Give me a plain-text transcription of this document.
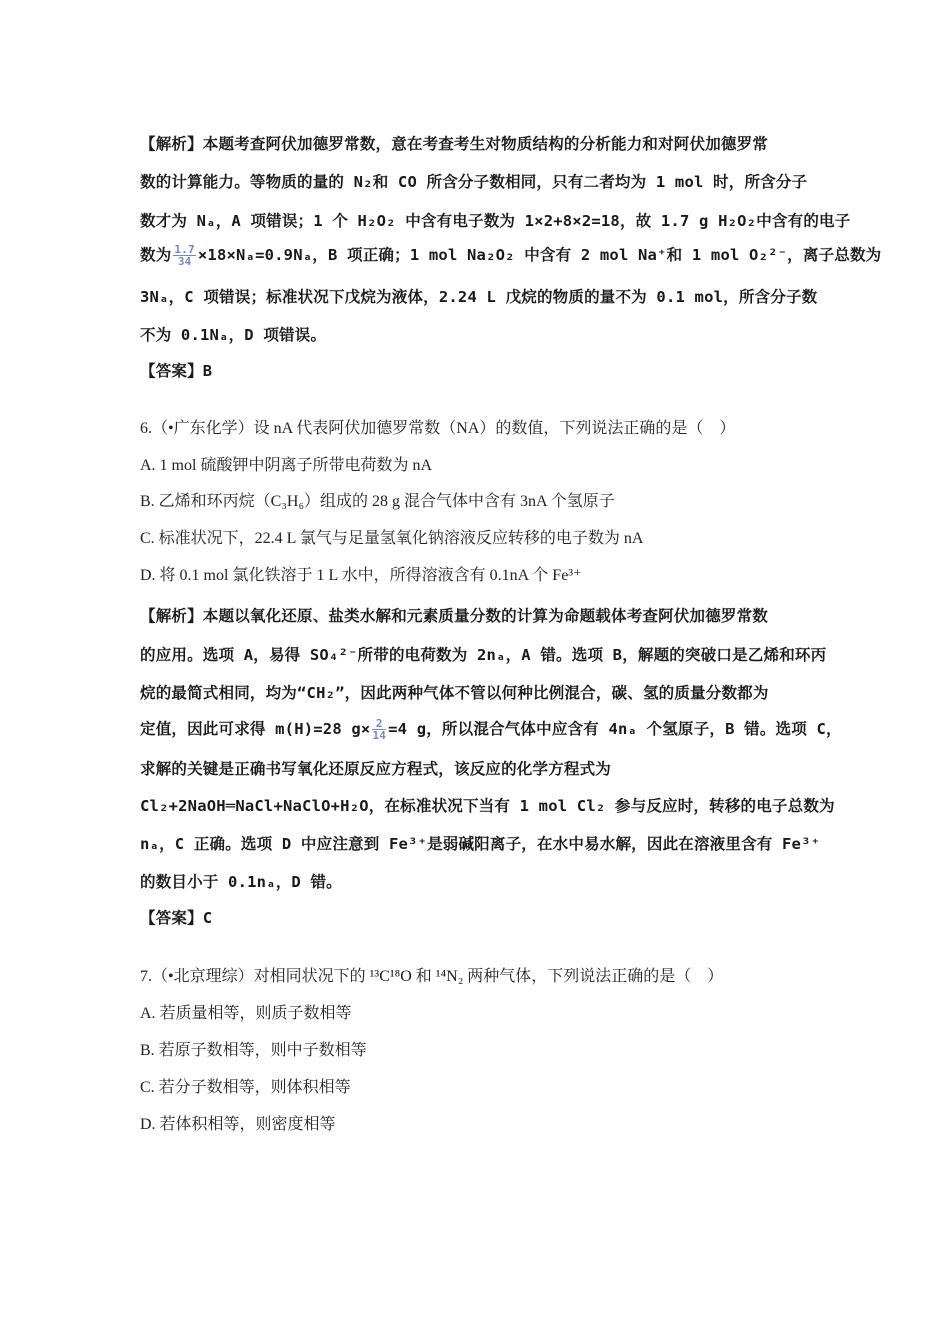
【解析】本题考查阿伏加德罗常数，意在考查考生对物质结构的分析能力和对阿伏加德罗常
数的计算能力。等物质的量的 N₂和 CO 所含分子数相同，只有二者均为 1 mol 时，所含分子
数才为 Nₐ，A 项错误；1 个 H₂O₂ 中含有电子数为 1×2+8×2=18，故 1.7 g H₂O₂中含有的电子
数为 $\frac{1.7}{34} \times 18\times N_a=0.9N_a$，B 项正确；1 mol Na₂O₂ 中含有 2 mol Na⁺和 1 mol O₂²⁻，离子总数为
3Nₐ，C 项错误；标准状况下戊烷为液体，2.24 L 戊烷的物质的量不为 0.1 mol，所含分子数
不为 0.1Nₐ，D 项错误。
【答案】B
6.（•广东化学）设 nA 代表阿伏加德罗常数（NA）的数值，下列说法正确的是（　）
A. 1 mol 硫酸钾中阴离子所带电荷数为 nA
B. 乙烯和环丙烷（C₃H₆）组成的 28 g 混合气体中含有 3nA 个氢原子
C. 标准状况下，22.4 L 氯气与足量氢氧化钠溶液反应转移的电子数为 nA
D. 将 0.1 mol 氯化铁溶于 1 L 水中，所得溶液含有 0.1nA 个 Fe³⁺
【解析】本题以氧化还原、盐类水解和元素质量分数的计算为命题载体考查阿伏加德罗常数
的应用。选项 A，易得 SO₄²⁻所带的电荷数为 2nₐ，A 错。选项 B，解题的突破口是乙烯和环丙
烷的最简式相同，均为“CH₂”，因此两种气体不管以何种比例混合，碳、氢的质量分数都为
定值，因此可求得 m(H)=28 $g\times \frac{2}{14} =4$ g，所以混合气体中应含有 4nₐ 个氢原子，B 错。选项 C，
求解的关键是正确书写氧化还原反应方程式，该反应的化学方程式为
Cl₂+2NaOH═NaCl+NaClO+H₂O，在标准状况下当有 1 mol Cl₂ 参与反应时，转移的电子总数为
nₐ，C 正确。选项 D 中应注意到 Fe³⁺是弱碱阳离子，在水中易水解，因此在溶液里含有 Fe³⁺
的数目小于 0.1nₐ，D 错。
【答案】C
7.（•北京理综）对相同状况下的 ¹³C¹⁸O 和 ¹⁴N₂ 两种气体，下列说法正确的是（　）
A. 若质量相等，则质子数相等
B. 若原子数相等，则中子数相等
C. 若分子数相等，则体积相等
D. 若体积相等，则密度相等
